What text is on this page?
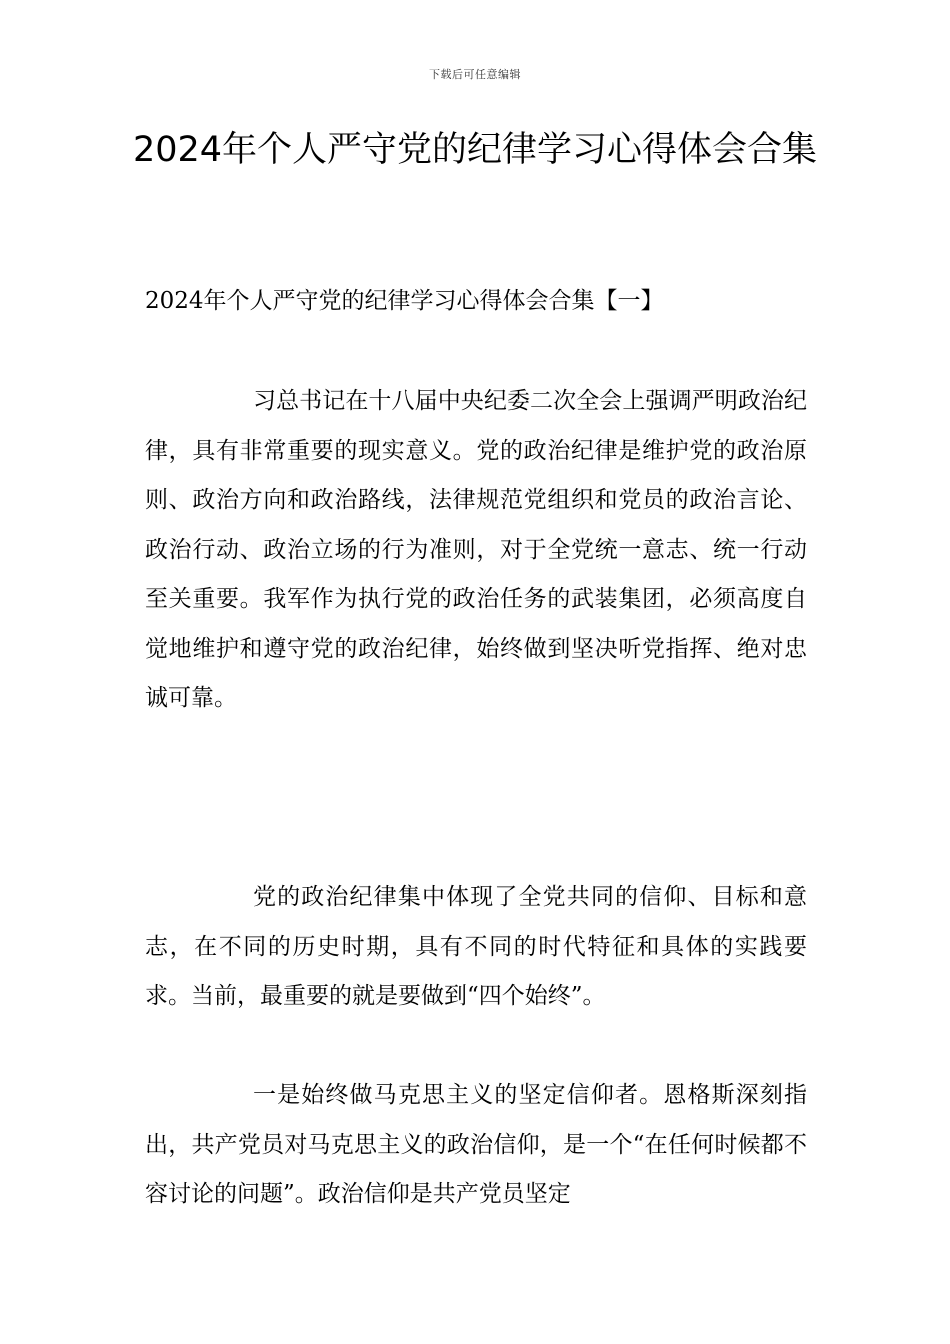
下载后可任意编辑
2024年个人严守党的纪律学习心得体会合集
2024年个人严守党的纪律学习心得体会合集【一】

习总书记在十八届中央纪委二次全会上强调严明政治纪律，具有非常重要的现实意义。党的政治纪律是维护党的政治原则、政治方向和政治路线，法律规范党组织和党员的政治言论、政治行动、政治立场的行为准则，对于全党统一意志、统一行动至关重要。我军作为执行党的政治任务的武装集团，必须高度自觉地维护和遵守党的政治纪律，始终做到坚决听党指挥、绝对忠诚可靠。

党的政治纪律集中体现了全党共同的信仰、目标和意志，在不同的历史时期，具有不同的时代特征和具体的实践要求。当前，最重要的就是要做到“四个始终”。

一是始终做马克思主义的坚定信仰者。恩格斯深刻指出，共产党员对马克思主义的政治信仰，是一个“在任何时候都不容讨论的问题”。政治信仰是共产党员坚定
